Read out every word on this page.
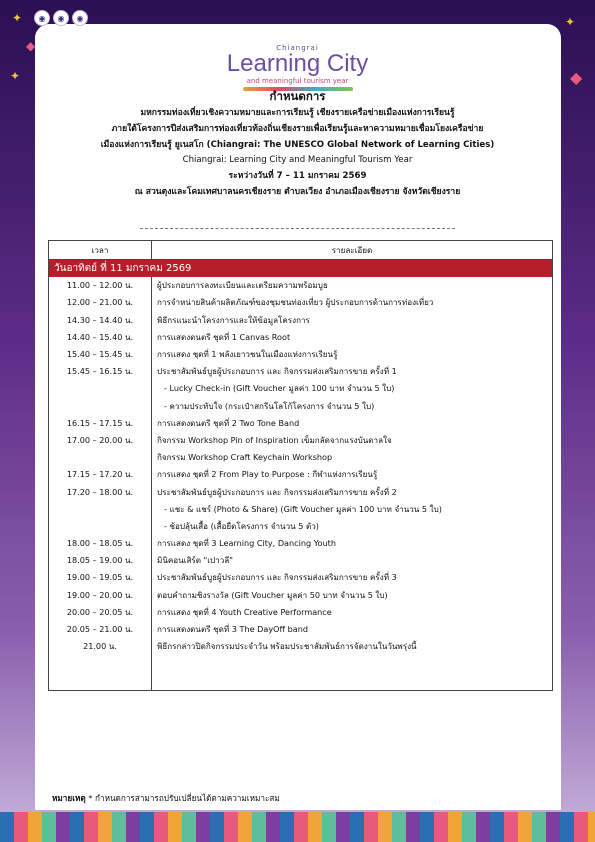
✦
◆
✦
✦
◆
◉	◉	◉
Chiangrai
Learning City
and meaningful tourism year
กำหนดการ
มหกรรมท่องเที่ยวเชิงความหมายและการเรียนรู้ เชียงรายเครือข่ายเมืองแห่งการเรียนรู้
ภายใต้โครงการปีส่งเสริมการท่องเที่ยวท้องถิ่นเชียงรายเพื่อเรียนรู้และหาความหมายเชื่อมโยงเครือข่าย
เมืองแห่งการเรียนรู้ ยูเนสโก (Chiangrai: The UNESCO Global Network of Learning Cities)
Chiangrai: Learning City and Meaningful Tourism Year
ระหว่างวันที่ 7 – 11 มกราคม 2569
ณ สวนตุงและโคมเทศบาลนครเชียงราย ตำบลเวียง อำเภอเมืองเชียงราย จังหวัดเชียงราย
เวลา	รายละเอียด
วันอาทิตย์ ที่ 11 มกราคม 2569	
11.00 – 12.00 น.	ผู้ประกอบการลงทะเบียนและเตรียมความพร้อมบูธ
12.00 – 21.00 น.	การจำหน่ายสินค้าผลิตภัณฑ์ของชุมชนท่องเที่ยว ผู้ประกอบการด้านการท่องเที่ยว
14.30 – 14.40 น.	พิธีกรแนะนำโครงการและให้ข้อมูลโครงการ
14.40 – 15.40 น.	การแสดงดนตรี ชุดที่ 1 Canvas Root
15.40 – 15.45 น.	การแสดง ชุดที่ 1 พลังเยาวชนในเมืองแห่งการเรียนรู้
15.45 – 16.15 น.	ประชาสัมพันธ์บูธผู้ประกอบการ และ กิจกรรมส่งเสริมการขาย ครั้งที่ 1
	- Lucky Check-in (Gift Voucher มูลค่า 100 บาท จำนวน 5 ใบ)
	- ความประทับใจ (กระเป๋าสกรีนโลโก้โครงการ จำนวน 5 ใบ)
16.15 – 17.15 น.	การแสดงดนตรี ชุดที่ 2 Two Tone Band
17.00 – 20.00 น.	กิจกรรม Workshop Pin of Inspiration เข็มกลัดจากแรงบันดาลใจ
	กิจกรรม Workshop Craft Keychain Workshop
17.15 – 17.20 น.	การแสดง ชุดที่ 2 From Play to Purpose : กีฬาแห่งการเรียนรู้
17.20 – 18.00 น.	ประชาสัมพันธ์บูธผู้ประกอบการ และ กิจกรรมส่งเสริมการขาย ครั้งที่ 2
	- แชะ & แชร์ (Photo & Share) (Gift Voucher มูลค่า 100 บาท จำนวน 5 ใบ)
	- ช้อปลุ้นเสื้อ (เสื้อยืดโครงการ จำนวน 5 ตัว)
18.00 – 18.05 น.	การแสดง ชุดที่ 3 Learning City, Dancing Youth
18.05 – 19.00 น.	มินิคอนเสิร์ต "เปาวลี"
19.00 – 19.05 น.	ประชาสัมพันธ์บูธผู้ประกอบการ และ กิจกรรมส่งเสริมการขาย ครั้งที่ 3
19.00 – 20.00 น.	ตอบคำถามชิงรางวัล (Gift Voucher มูลค่า 50 บาท จำนวน 5 ใบ)
20.00 – 20.05 น.	การแสดง ชุดที่ 4 Youth Creative Performance
20.05 – 21.00 น.	การแสดงดนตรี ชุดที่ 3 The DayOff band
21.00 น.	พิธีกรกล่าวปิดกิจกรรมประจำวัน พร้อมประชาสัมพันธ์การจัดงานในวันพรุ่งนี้

หมายเหตุ * กำหนดการสามารถปรับเปลี่ยนได้ตามความเหมาะสม
